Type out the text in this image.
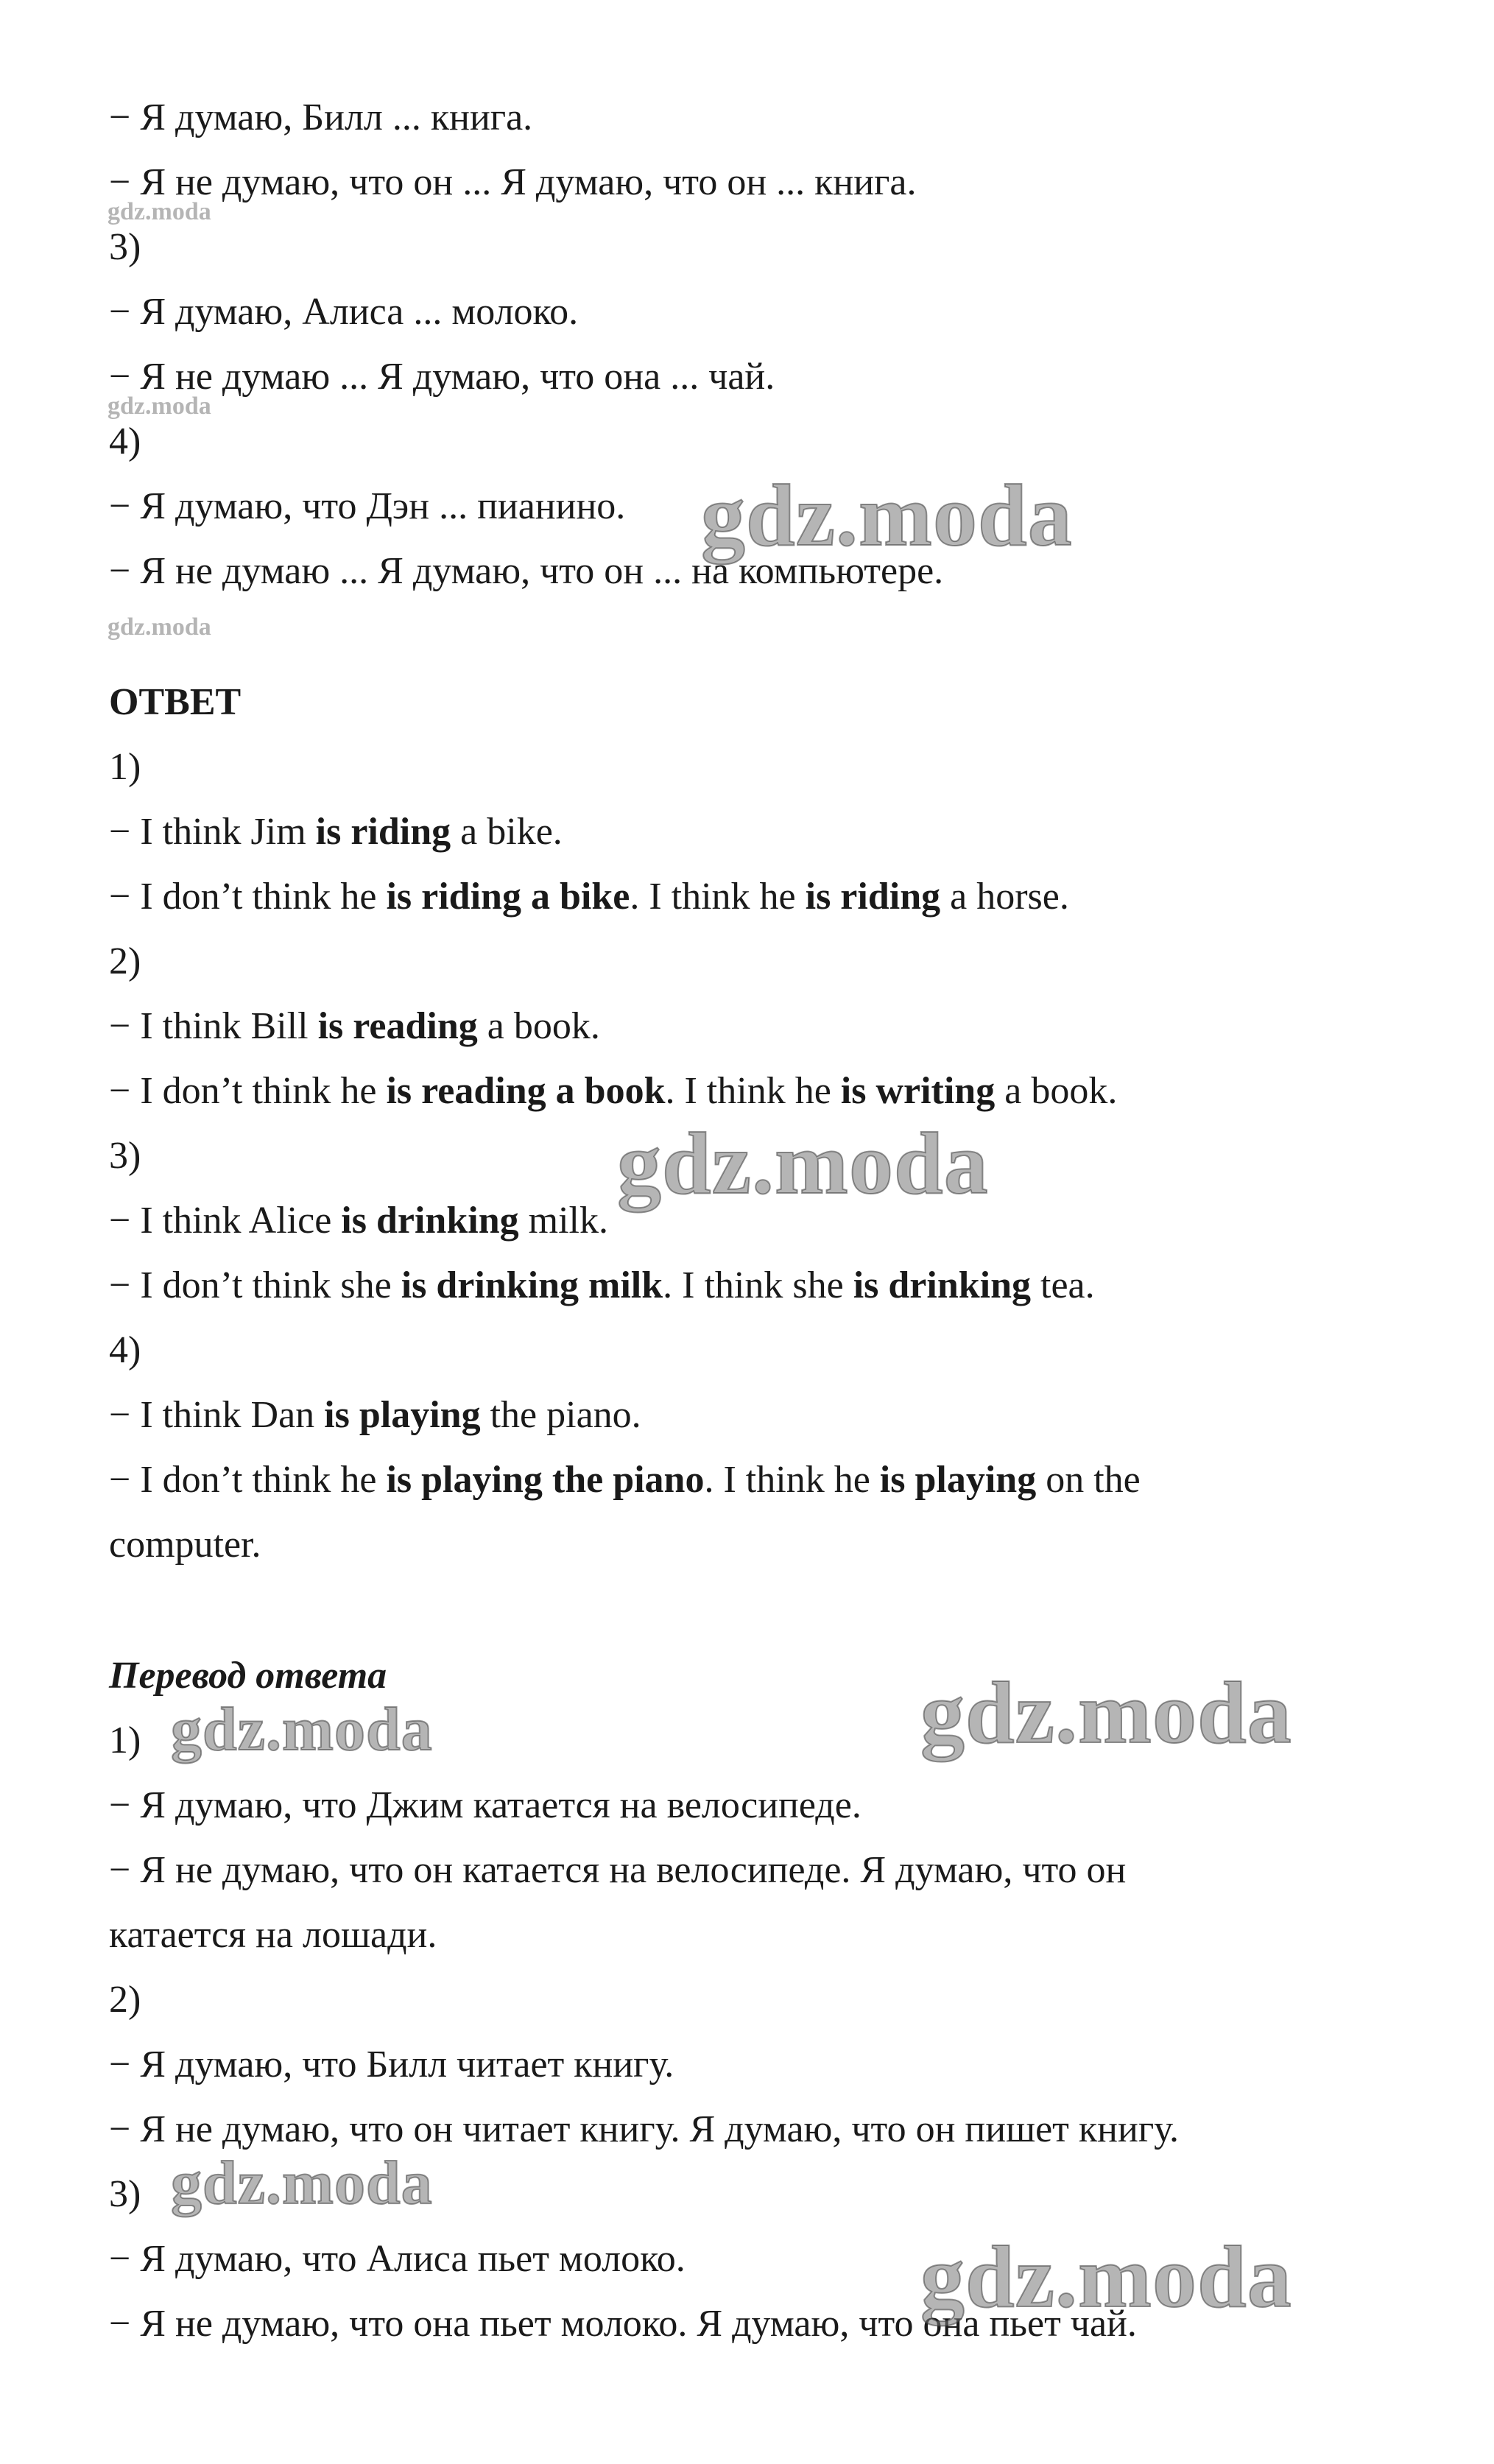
− Я думаю, Билл ... книга.
− Я не думаю, что он ... Я думаю, что он ... книга.
3)
− Я думаю, Алиса ... молоко.
− Я не думаю ... Я думаю, что она ... чай.
4)
− Я думаю, что Дэн ... пианино.
− Я не думаю ... Я думаю, что он ... на компьютере.
ОТВЕТ
1)
− I think Jim is riding a bike.
− I don’t think he is riding a bike. I think he is riding a horse.
2)
− I think Bill is reading a book.
− I don’t think he is reading a book. I think he is writing a book.
3)
− I think Alice is drinking milk.
− I don’t think she is drinking milk. I think she is drinking tea.
4)
− I think Dan is playing the piano.
− I don’t think he is playing the piano. I think he is playing on the
computer.
Перевод ответа
1)
− Я думаю, что Джим катается на велосипеде.
− Я не думаю, что он катается на велосипеде. Я думаю, что он
катается на лошади.
2)
− Я думаю, что Билл читает книгу.
− Я не думаю, что он читает книгу. Я думаю, что он пишет книгу.
3)
− Я думаю, что Алиса пьет молоко.
− Я не думаю, что она пьет молоко. Я думаю, что она пьет чай.
gdz.moda
gdz.moda
gdz.moda
gdz.moda
gdz.moda
gdz.moda
gdz.moda
gdz.moda
gdz.moda
